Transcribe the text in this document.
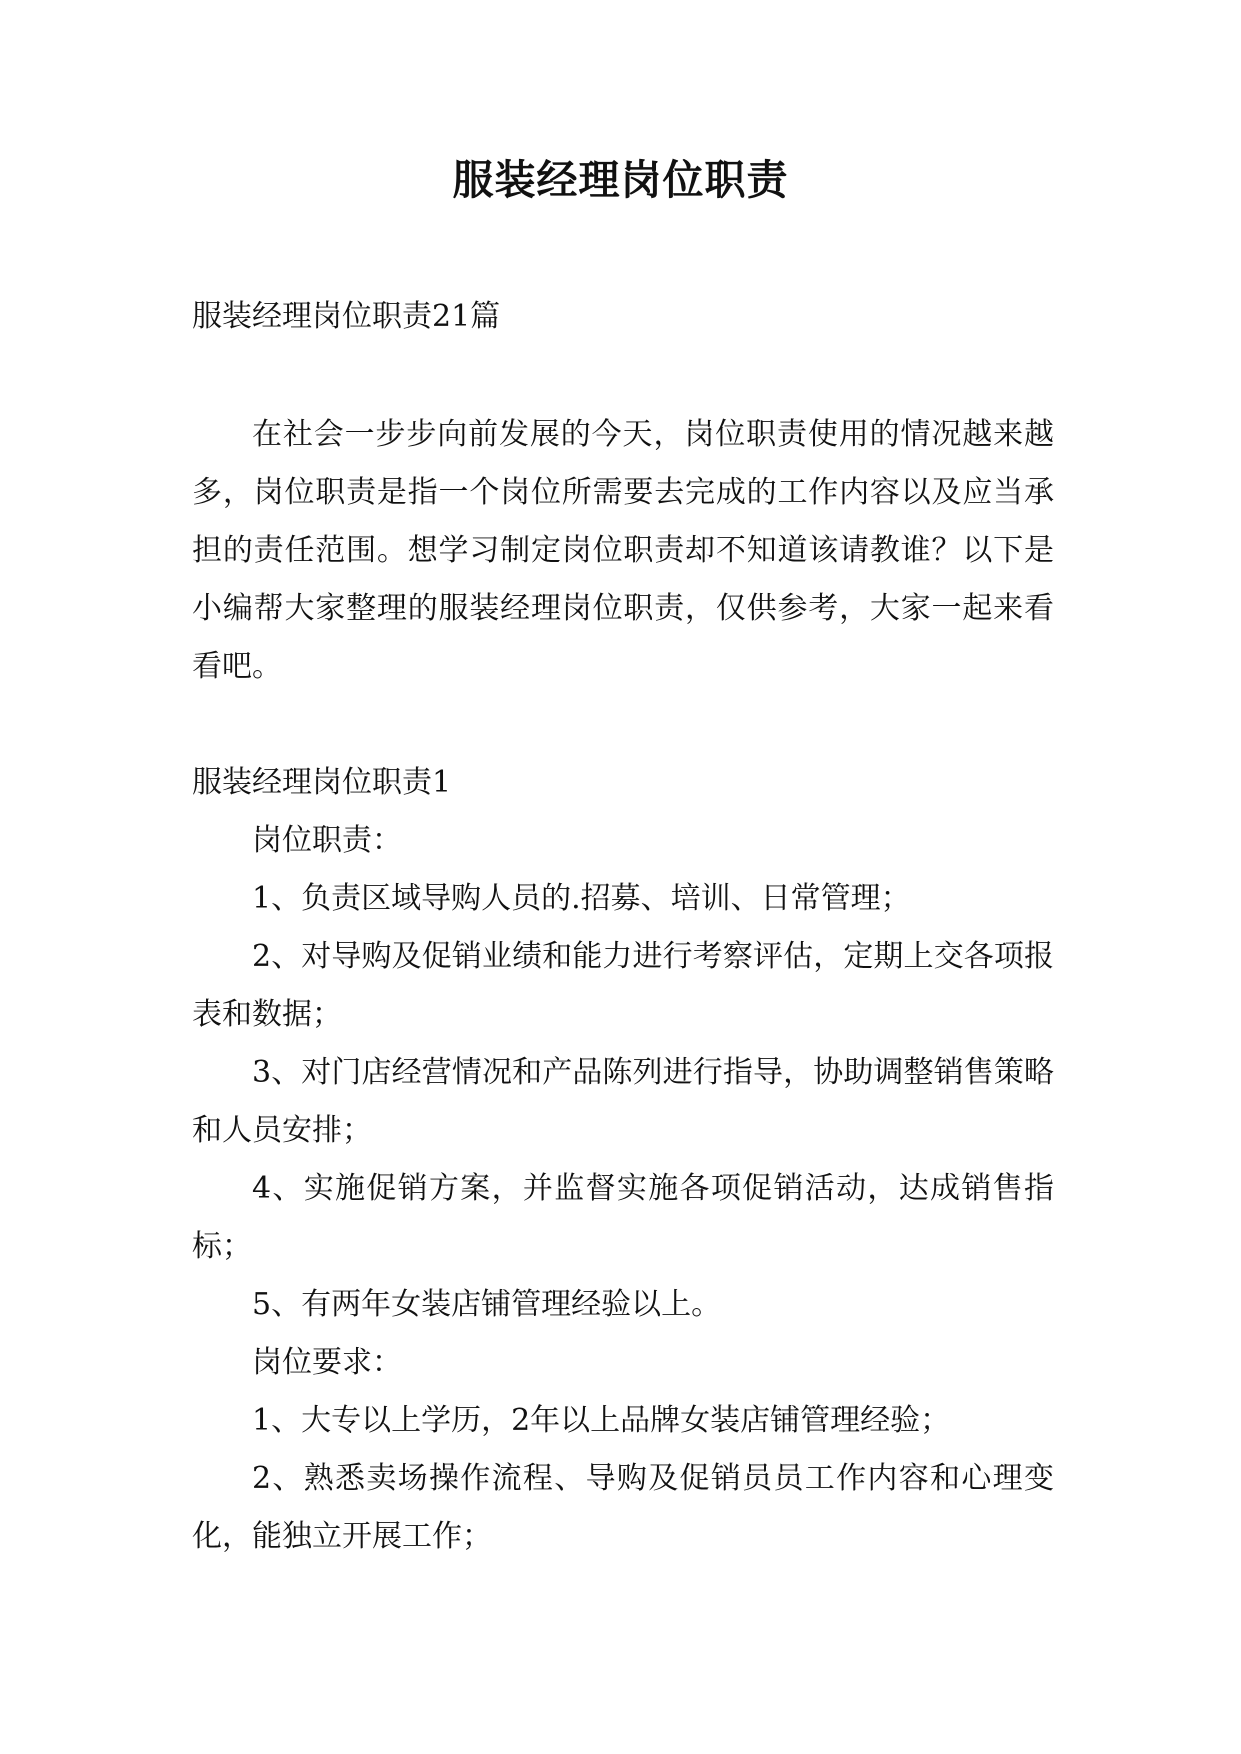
服装经理岗位职责

服装经理岗位职责21篇

在社会一步步向前发展的今天，岗位职责使用的情况越来越多，岗位职责是指一个岗位所需要去完成的工作内容以及应当承担的责任范围。想学习制定岗位职责却不知道该请教谁？以下是小编帮大家整理的服装经理岗位职责，仅供参考，大家一起来看看吧。

服装经理岗位职责1

岗位职责：

1、负责区域导购人员的.招募、培训、日常管理；

2、对导购及促销业绩和能力进行考察评估，定期上交各项报表和数据；

3、对门店经营情况和产品陈列进行指导，协助调整销售策略和人员安排；

4、实施促销方案，并监督实施各项促销活动，达成销售指标；

5、有两年女装店铺管理经验以上。

岗位要求：

1、大专以上学历，2年以上品牌女装店铺管理经验；

2、熟悉卖场操作流程、导购及促销员员工作内容和心理变化，能独立开展工作；
